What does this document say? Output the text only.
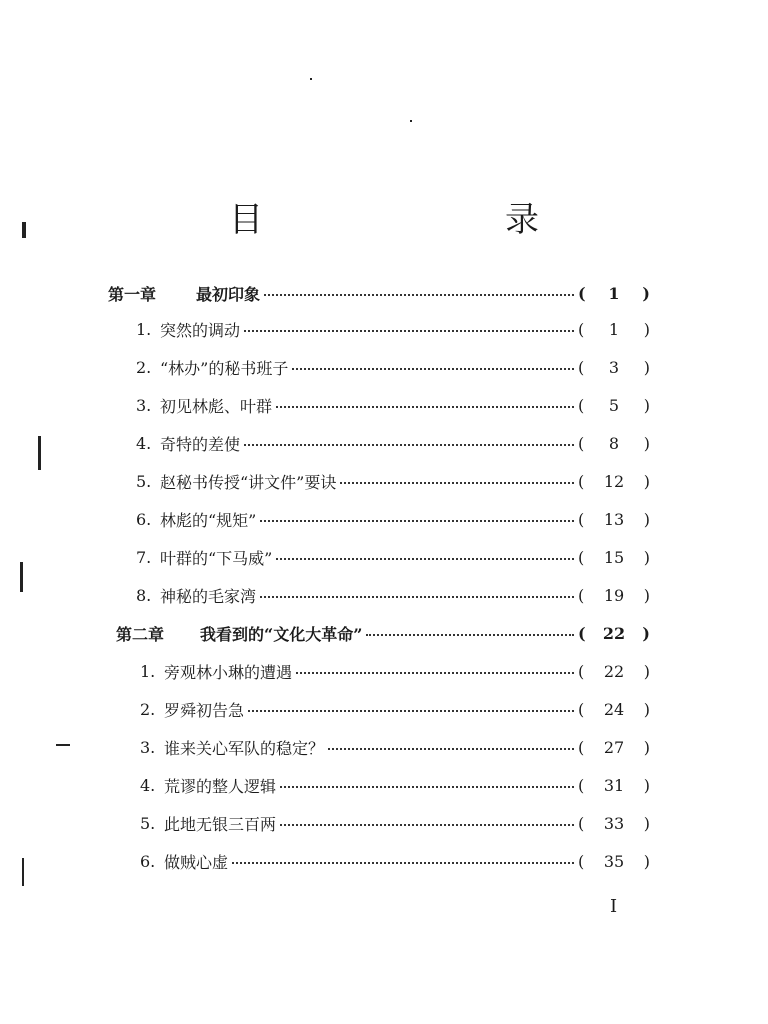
目　　录
第一章	最初印象	(	1	)
1. 突然的调动	(	1	)
2. “林办”的秘书班子	(	3	)
3. 初见林彪、叶群	(	5	)
4. 奇特的差使	(	8	)
5. 赵秘书传授“讲文件”要诀	(	12	)
6. 林彪的“规矩”	(	13	)
7. 叶群的“下马威”	(	15	)
8. 神秘的毛家湾	(	19	)
第二章	我看到的“文化大革命”	(	22	)
1. 旁观林小琳的遭遇	(	22	)
2. 罗舜初告急	(	24	)
3. 谁来关心军队的稳定？	(	27	)
4. 荒谬的整人逻辑	(	31	)
5. 此地无银三百两	(	33	)
6. 做贼心虚	(	35	)
I
